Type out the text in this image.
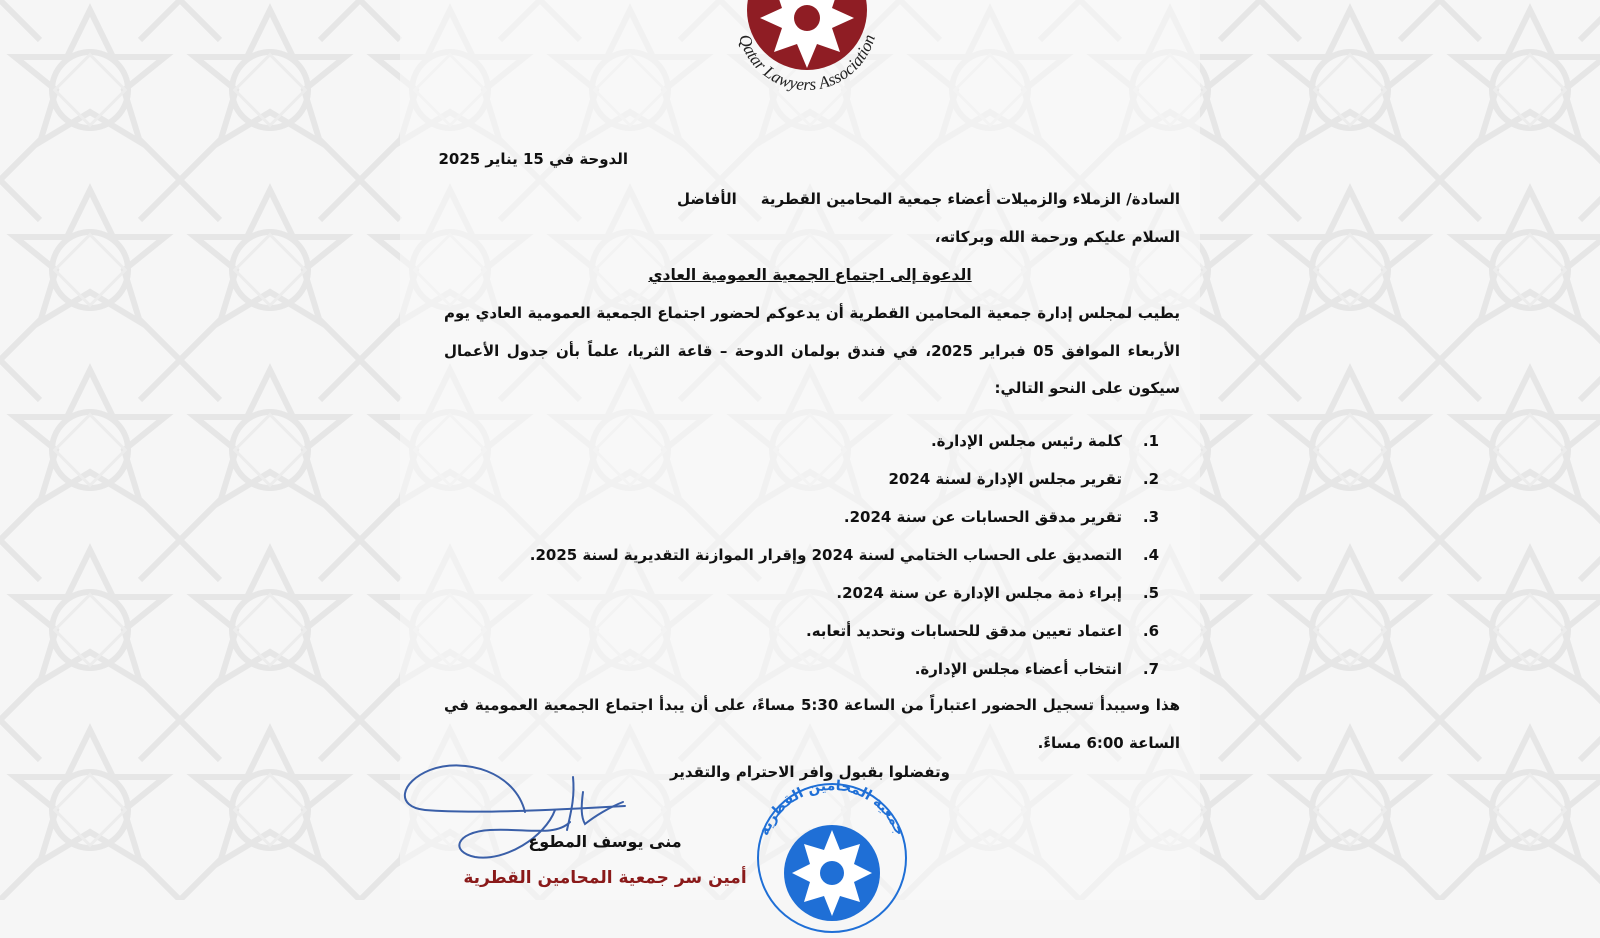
Qatar Lawyers Association
الدوحة في 15 يناير 2025
السادة/ الزملاء والزميلات أعضاء جمعية المحامين القطريةالأفاضل
السلام عليكم ورحمة الله وبركاته،
الدعوة إلى اجتماع الجمعية العمومية العادي
يطيب لمجلس إدارة جمعية المحامين القطرية أن يدعوكم لحضور اجتماع الجمعية العمومية العادي يوم الأربعاء الموافق 05 فبراير 2025، في فندق بولمان الدوحة – قاعة الثريا، علماً بأن جدول الأعمال سيكون على النحو التالي:
1.كلمة رئيس مجلس الإدارة.
2.تقرير مجلس الإدارة لسنة 2024
3.تقرير مدقق الحسابات عن سنة 2024.
4.التصديق على الحساب الختامي لسنة 2024 وإقرار الموازنة التقديرية لسنة 2025.
5.إبراء ذمة مجلس الإدارة عن سنة 2024.
6.اعتماد تعيين مدقق للحسابات وتحديد أتعابه.
7.انتخاب أعضاء مجلس الإدارة.
هذا وسيبدأ تسجيل الحضور اعتباراً من الساعة 5:30 مساءً، على أن يبدأ اجتماع الجمعية العمومية في الساعة 6:00 مساءً.
وتفضلوا بقبول وافر الاحترام والتقدير
منى يوسف المطوع
أمين سر جمعية المحامين القطرية
جمعية المحامين القطرية
